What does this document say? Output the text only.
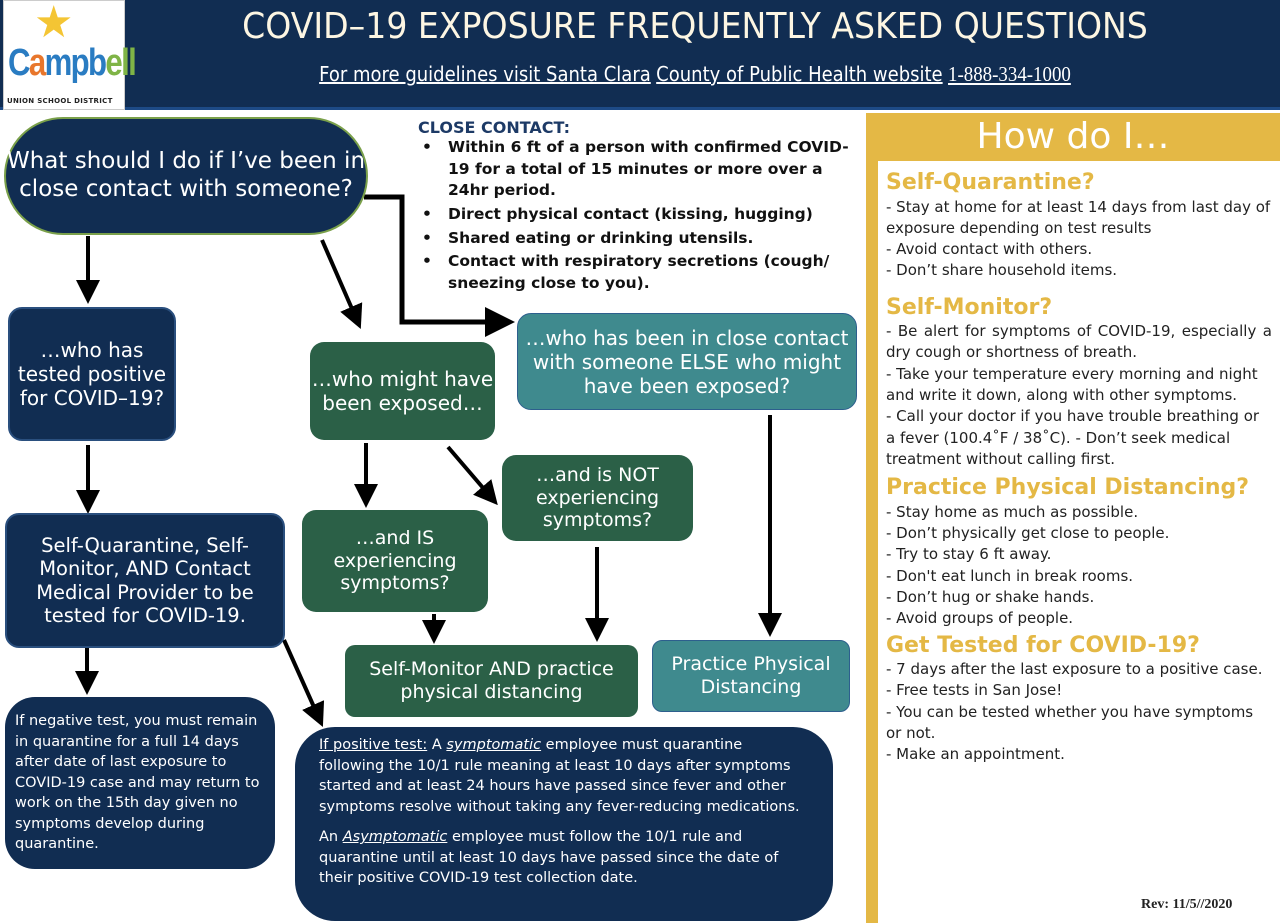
★
Campbell
UNION SCHOOL DISTRICT
COVID–19 EXPOSURE FREQUENTLY ASKED QUESTIONS
For more guidelines visit Santa Clara County of Public Health website 1-888-334-1000
What should I do if I’ve been in close contact with someone?
…who has tested positive for COVID–19?
…who might have been exposed…
…who has been in close contact with someone ELSE who might have been exposed?
…and is NOT experiencing symptoms?
…and IS experiencing symptoms?
Self-Quarantine, Self-Monitor, AND Contact Medical Provider to be tested for COVID-19.
Self-Monitor AND practice physical distancing
Practice Physical Distancing
If negative test, you must remain in quarantine for a full 14 days after date of last exposure to COVID-19 case and may return to work on the 15th day given no symptoms develop during quarantine.

If positive test: A symptomatic employee must quarantine following the 10/1 rule meaning at least 10 days after symptoms started and at least 24 hours have passed since fever and other symptoms resolve without taking any fever-reducing medications.

An Asymptomatic employee must follow the 10/1 rule and quarantine until at least 10 days have passed since the date of their positive COVID-19 test collection date.

CLOSE CONTACT:
• Within 6 ft of a person with confirmed COVID-19 for a total of 15 minutes or more over a 24hr period.
• Direct physical contact (kissing, hugging)
• Shared eating or drinking utensils.
• Contact with respiratory secretions (cough/ sneezing close to you).
How do I…
Self-Quarantine?

- Stay at home for at least 14 days from last day of exposure depending on test results

- Avoid contact with others.

- Don’t share household items.

Self-Monitor?

- Be alert for symptoms of COVID-19, especially a dry cough or shortness of breath.

- Take your temperature every morning and night and write it down, along with other symptoms.

- Call your doctor if you have trouble breathing or a fever (100.4˚F / 38˚C). - Don’t seek medical treatment without calling first.

Practice Physical Distancing?

- Stay home as much as possible.

- Don’t physically get close to people.

- Try to stay 6 ft away.

- Don't eat lunch in break rooms.

- Don’t hug or shake hands.

- Avoid groups of people.

Get Tested for COVID-19?

- 7 days after the last exposure to a positive case.

- Free tests in San Jose!

- You can be tested whether you have symptoms or not.

- Make an appointment.

Rev: 11/5//2020
